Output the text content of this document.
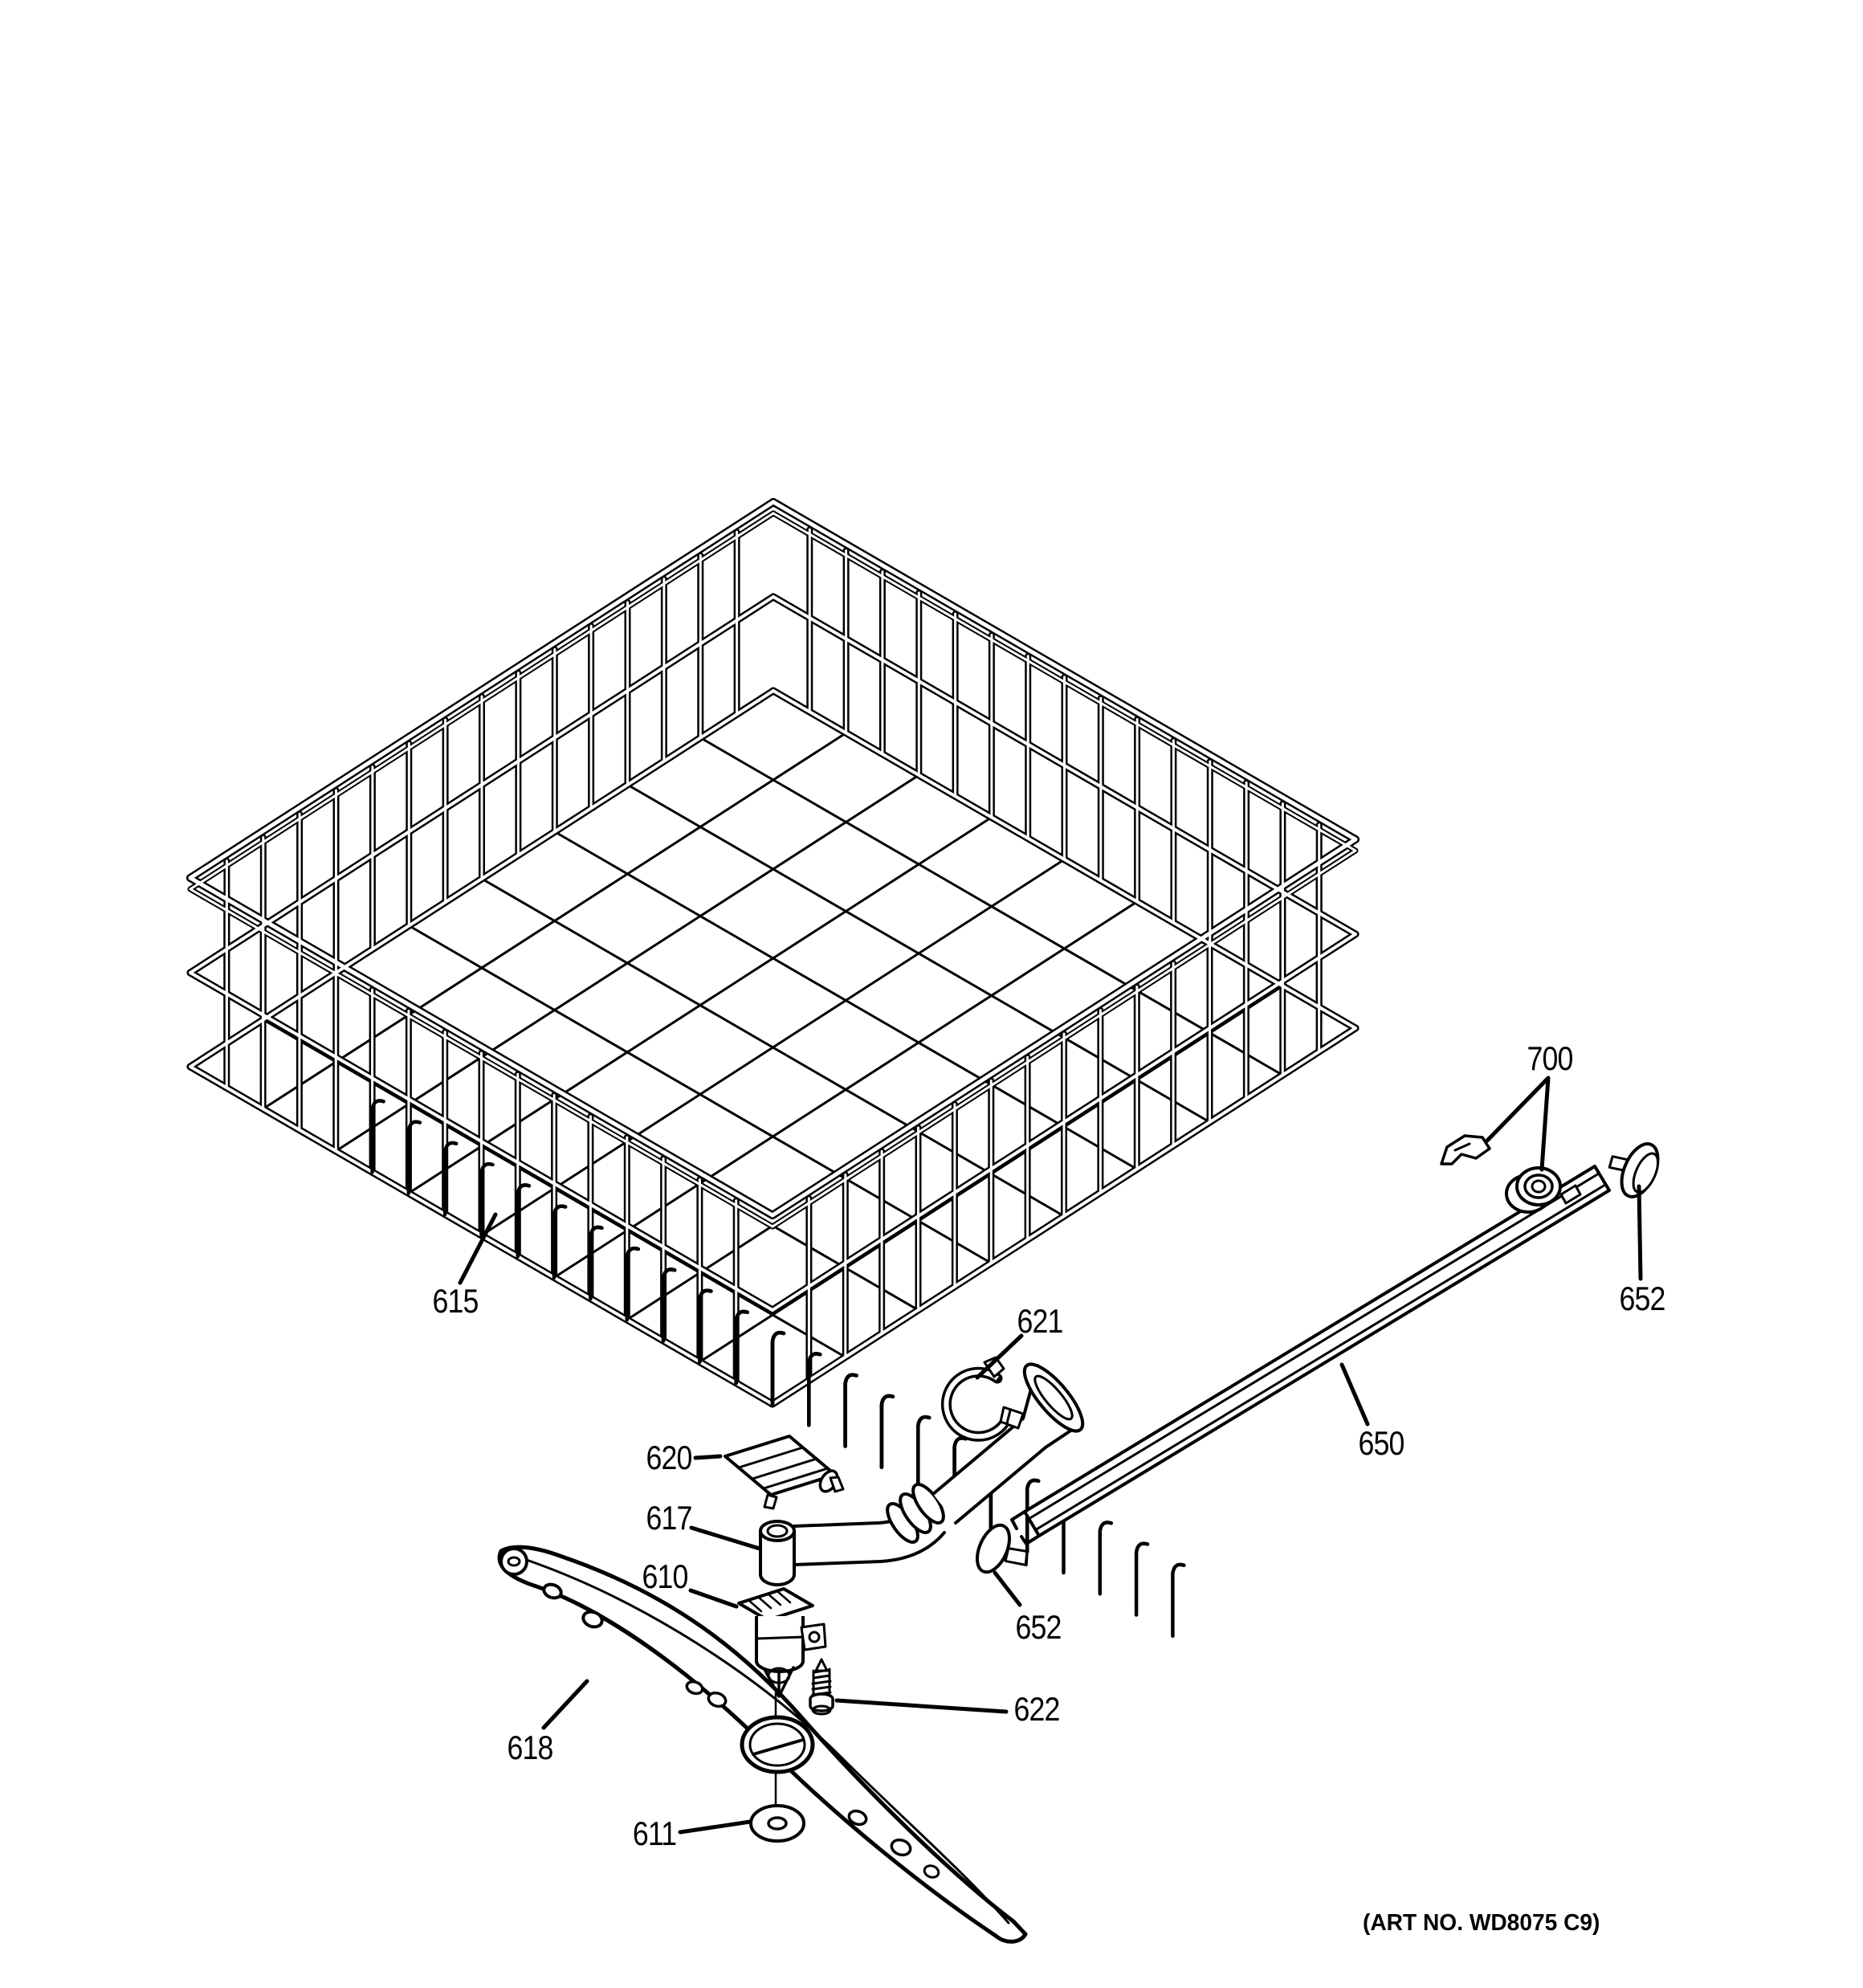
615
700
652
621
650
620
617
610
652
622
618
611
(ART NO. WD8075 C9)
